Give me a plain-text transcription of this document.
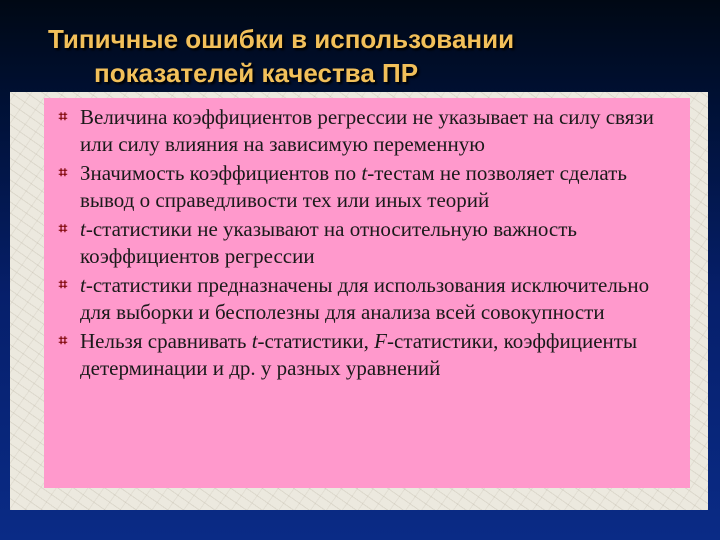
Типичные ошибки в использовании
показателей качества ПР
⌗ Величина коэффициентов регрессии не указывает на силу связи или силу влияния на зависимую переменную
⌗ Значимость коэффициентов по t-тестам не позволяет сделать вывод о справедливости тех или иных теорий
⌗ t-статистики не указывают на относительную важность коэффициентов регрессии
⌗ t-статистики предназначены для использования исключительно для выборки и бесполезны для анализа всей совокупности
⌗ Нельзя сравнивать t-статистики, F-статистики, коэффициенты детерминации и др. у разных уравнений
